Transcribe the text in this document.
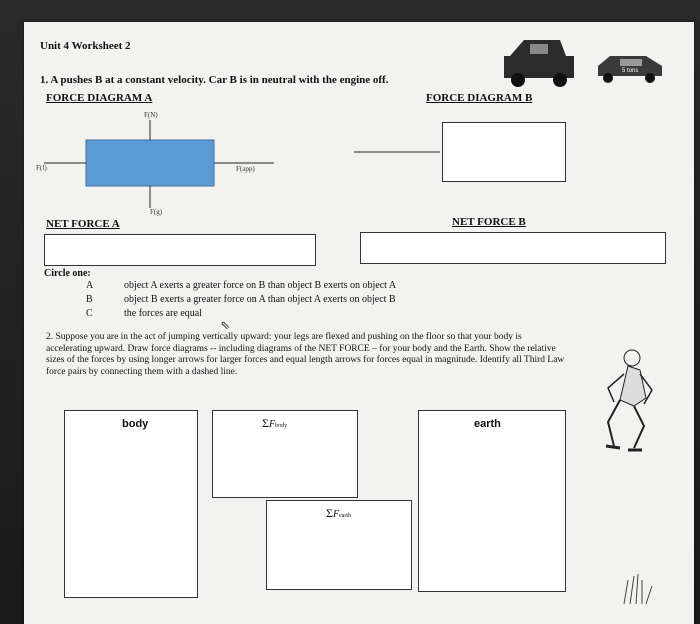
Unit 4 Worksheet 2
5 tons
1. A pushes B at a constant velocity. Car B is in neutral with the engine off.
FORCE DIAGRAM A	FORCE DIAGRAM B
F(N)
F(f)	F(app)
F(g)
NET FORCE A	NET FORCE B
Circle one:
A	object A exerts a greater force on B than object B exerts on object A
B	object B exerts a greater force on A than object A exerts on object B
C	the forces are equal
⇖
2. Suppose you are in the act of jumping vertically upward: your legs are flexed and pushing on the floor so that your body is accelerating upward. Draw force diagrams -- including diagrams of the NET FORCE – for your body and the Earth. Show the relative sizes of the forces by using longer arrows for larger forces and equal length arrows for forces equal in magnitude. Identify all Third Law force pairs by connecting them with a dashed line.
body	ΣFbody
ΣFearth
earth
